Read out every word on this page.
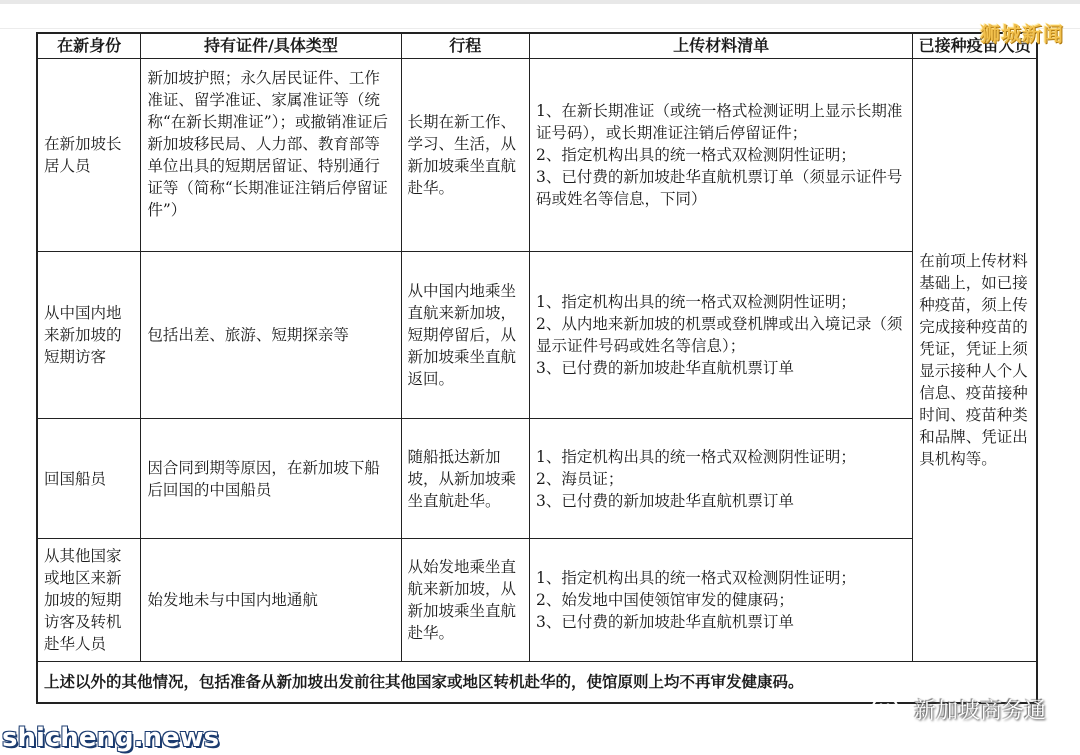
在新身份	持有证件/具体类型	行程	上传材料清单	已接种疫苗人员
在新加坡长居人员	新加坡护照；永久居民证件、工作准证、留学准证、家属准证等（统称“在新长期准证”）；或撤销准证后新加坡移民局、人力部、教育部等单位出具的短期居留证、特别通行证等（简称“长期准证注销后停留证件”）	长期在新工作、学习、生活，从新加坡乘坐直航赴华。	1、在新长期准证（或统一格式检测证明上显示长期准证号码），或长期准证注销后停留证件；
2、指定机构出具的统一格式双检测阴性证明；
3、已付费的新加坡赴华直航机票订单（须显示证件号码或姓名等信息，下同）	在前项上传材料基础上，如已接种疫苗，须上传完成接种疫苗的凭证，凭证上须显示接种人个人信息、疫苗接种时间、疫苗种类和品牌、凭证出具机构等。
从中国内地来新加坡的短期访客	包括出差、旅游、短期探亲等	从中国内地乘坐直航来新加坡，短期停留后，从新加坡乘坐直航返回。	1、指定机构出具的统一格式双检测阴性证明；
2、从内地来新加坡的机票或登机牌或出入境记录（须显示证件号码或姓名等信息）；
3、已付费的新加坡赴华直航机票订单	

回国船员	因合同到期等原因，在新加坡下船后回国的中国船员	随船抵达新加坡，从新加坡乘坐直航赴华。	1、指定机构出具的统一格式双检测阴性证明；
2、海员证；
3、已付费的新加坡赴华直航机票订单	

从其他国家或地区来新加坡的短期访客及转机赴华人员	始发地未与中国内地通航	从始发地乘坐直航来新加坡，从新加坡乘坐直航赴华。	1、指定机构出具的统一格式双检测阴性证明；
2、始发地中国使领馆审发的健康码；
3、已付费的新加坡赴华直航机票订单	

上述以外的其他情况，包括准备从新加坡出发前往其他国家或地区转机赴华的，使馆原则上均不再审发健康码。				
狮城新闻
shicheng.news
新加坡商务通
